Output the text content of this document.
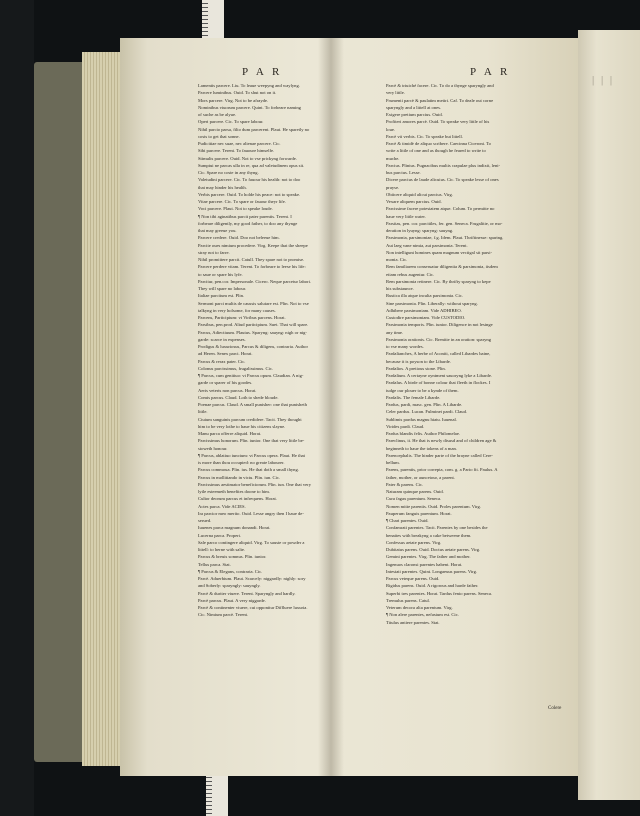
| | |
P A R	P A R
Lamentis parcere. Liu. To leaue weepyng and waylyng.
Parcere luminibus. Ouid. To shut not on it.
Mors parcere. Virg. Not to be afrayde.
Nominibus viuorum parcere. Quint. To forbeare naming
of suche as be alyue.
Operi parcere. Cic. To spare labour.
Nihil parcio parsa, filio dum parcerent. Plaut. He sparetly no
costs to get that sonne.
Pudicitiae nec suae, nec alienae parcere. Cic.
Sibi parcere. Terent. To fauoure himselfe.
Stimulis parcere. Ouid. Not to vse prickyng forwarde.
Sumptui ne parcas ulla in re, qua ad valetudinem opus sit.
Cic. Spare no coste in any thyng.
Valetudini parcere. Cic. To fauour his health: not to doo
that may hinder his health.
Verbis parcere. Ouid. To holde his peace: not to speake.
Vitae parcere. Cic. To spare or fauour theyr life.
Voci parcere. Plaut. Not to speake loude.
¶ Non tibi aginatibus parcit pater parentis. Terent. I
forbeare diligently, my good father, to doo any thynge
that may greeue you.
Parcere credere. Ouid. Doo not beleeue him.
Parcite oues nimium procedere. Virg. Keepe that the sheepe
stray not to farre.
Nihil promittere parcit. Catull. They spare not to promise.
Parcere perdere vitam. Terent. To forbeare to leese his life:
to saue or spare his lyfe.
Parcitur, pen.cor. Impersonale. Cicero. Neque parcetur labori.
They will spare no labour.
Italiae parcitum est. Plin.
Sermoni parci multis de caussis salutare est. Plin. Not to vse
talkyng in very holsome, for many causes.
Parcens, Participium: vt Viribus parcens. Horat.
Parsibus, pen.prod. Aliud participium. Suet. That will spare.
Parcus, Adiectiuum. Plautus. Sparyng: sauyng: nigh or nig-
garde: scarce in expenses.
Prodigus & luxuriosus, Parcus & diligens, contraria. Author
ad Heren. Senex parci. Horat.
Parcus & rerax pater. Cic.
Colonus parcissimus, frugalissimus. Cic.
¶ Parcus, cum genitiuo: vt Parcus opum. Claudian. A nig-
garde or sparer of his goodes.
Aeris veteris non parcus. Horat.
Comis parcus. Claud. Loth to shede bloude.
Poenae parcus. Claud. A small punisher: one that punisheth
little.
Ciuium sanguinis parcum credidere. Tacit. They thought
him to be very lothe to haue his citizens slayne.
Manu parca offerre aliquid. Horat.
Parcissimus honorum. Plin. iunior. One that very little be-
stoweth honour.
¶ Parcus, ablatiuo iunctum: vt Parcus opera. Plaut. He that
is more than thou occupied: no greate labourer.
Parcus commoua. Plin. ius. He that doth a small thyng.
Parcus in mollitiando in victu. Plin. iun. Cic.
Parcissimus aestimator beneficiorum. Plin. iun. One that very
lytle esteemeth benefites doone to him.
Cultor deorum parcus et infrequens. Horat.
Actes parca. Vide ACIES.
Ira parcior meo merito. Ouid. Lesse angry then I haue de-
serued.
Iuuenes parca magnum donandi. Horat.
Lucerna parca. Propert.
Sale parco contingere aliquid. Virg. To sauste or powder a
littell: to herne with salte.
Parcus & breuis somnus. Plin. iunior.
Tellus parca. Stat.
¶ Parcus & Elegans, contraria. Cic.
Parcè. Aduerbium. Plaut. Scarcely: niggardly: nighly: sory
and Soberly: sparyngly: sauyngly.
Parcè & duriter viuere. Terent. Sparyngly and hardly.
Parcè parcus. Plaut. A very niggarde.
Parcè & continenter viuere, cui opponitur Diffluere luxuria.
Cic. Nimium parcè. Terent.
Parcè & triuiché facere. Cic. To do a thynge sparyngly and
very little.
Frumenti parcè & paulatim metiri. Caf. To deale out corne
sparyngly and a littell at ones.
Exigere pretium parcius. Ouid.
Profiteri amores parcè. Ouid. To speake very little of his
loue.
Parcè vti verbis. Cic. To speake but littell.
Parcè & timidè de aliquo scribere. Caecinna Ciceroni. To
write a little of one and as though he feared to write to
muche.
Parcius. Plinius. Pugnacibus multis crapulae plus indixit, leni-
bus parcius. Lesse.
Dicere parcius de laude alicuius. Cic. To speake lesse of ones
prayse.
Obiicere aliquid alicui parcius. Virg.
Vexare aliquem parcius. Ouid.
Parcissime facere potestatem atque. Colum. To permitte no
haue very little water.
Parsitas, pen. cor. parcitiles, fer. gen. Seneca. Frugalitie, or mo-
deration in lyuyng: sparyng: sauyng.
Parsimonia, parsimoniae, f.g. Idem. Plaut. Thriftinesse: sparing.
Aut laeg vane nimia, aut parsimonia. Terent.
Non intelligunt homines quam magnum vectigal sit parsi-
monia. Cic.
Rem familiarem conseruatur diligentia & parsimonia, iisdem
etiam rebus augentur. Cic.
Rem parsimonia retinere. Cic. By thrifty sparyng to kepe
his substaunce.
Rustica illa atque inculta parsimonia. Cic.
Sine parsimonia. Plin. Liberally: without sparyng.
Adhibere parsimoniam. Vide ADHIBEO.
Custodire parsimoniam. Vide CUSTODIO.
Parsimonia temporis. Plin. iunior. Diligence in not lesinge
any time.
Parsimonia orationis. Cic. Brenitie in an oration: sparyng
to vse many wordes.
Pardalianches, A herbe of Aconiti, called Libardes baine,
because it is poyson to the Libarde.
Pardalios. A pretious stone. Plin.
Pardalium. A certayne oyntment sauoryng lyke a Libarde.
Pardalus. A birde of bonne colour that fleeth in flockes. I
iudge our plouer to be a kynde of them.
Pardalis. The female Libarde.
Pardus, pardi, masc. gen. Plin. A Libarde.
Celer pardus. Lucan. Fulminei pardi. Claud.
Sublimis pardus magnu hiatu. Iuuenal.
Virides pardi. Claud.
Pardus blandis felis. Author Philomelae.
Pareclinus, ii. He that is newly disusd and of children age &
beginneth to haue the tokens of a man.
Parencephalis. The hinder parte of the brayne called Cere-
bellum.
Parens, parentis, prior correpta, com. g. a Pario fit. Paulus. A
father, mother, or auncetour, a parent.
Pater & parens. Cic.
Naturam quinque parens. Ouid.
Cura fagax parentum. Seneca.
Nomen mitte parentis. Ouid. Proles parentum. Virg.
Pauperum fanguis parentum. Horat.
¶ Chari parentes. Ouid.
Confamrati parentes. Tacit. Parentes by one besides the
benaites with breakyng a cake betweene them.
Confessus aetate parens. Virg.
Dubitatus parens. Ouid. Doctus aetate parens. Virg.
Gemini parentes. Virg. The father and mother.
Ingenuos claronsi parentes habent. Horat.
Intestati parentes. Quint. Longaeuus parens. Virg.
Parcus veteque parens. Ouid.
Rigidus parens. Ouid. A rigorous and harde father.
Superbi tres parentes. Horat. Tardus fenio parens. Seneca.
Tremulus parens. Catul.
Veterum decora alta parentum. Virg.
¶ Non alere parentes, nefastum est. Cic.
Titulus antiere parentes. Stat.
Colere
